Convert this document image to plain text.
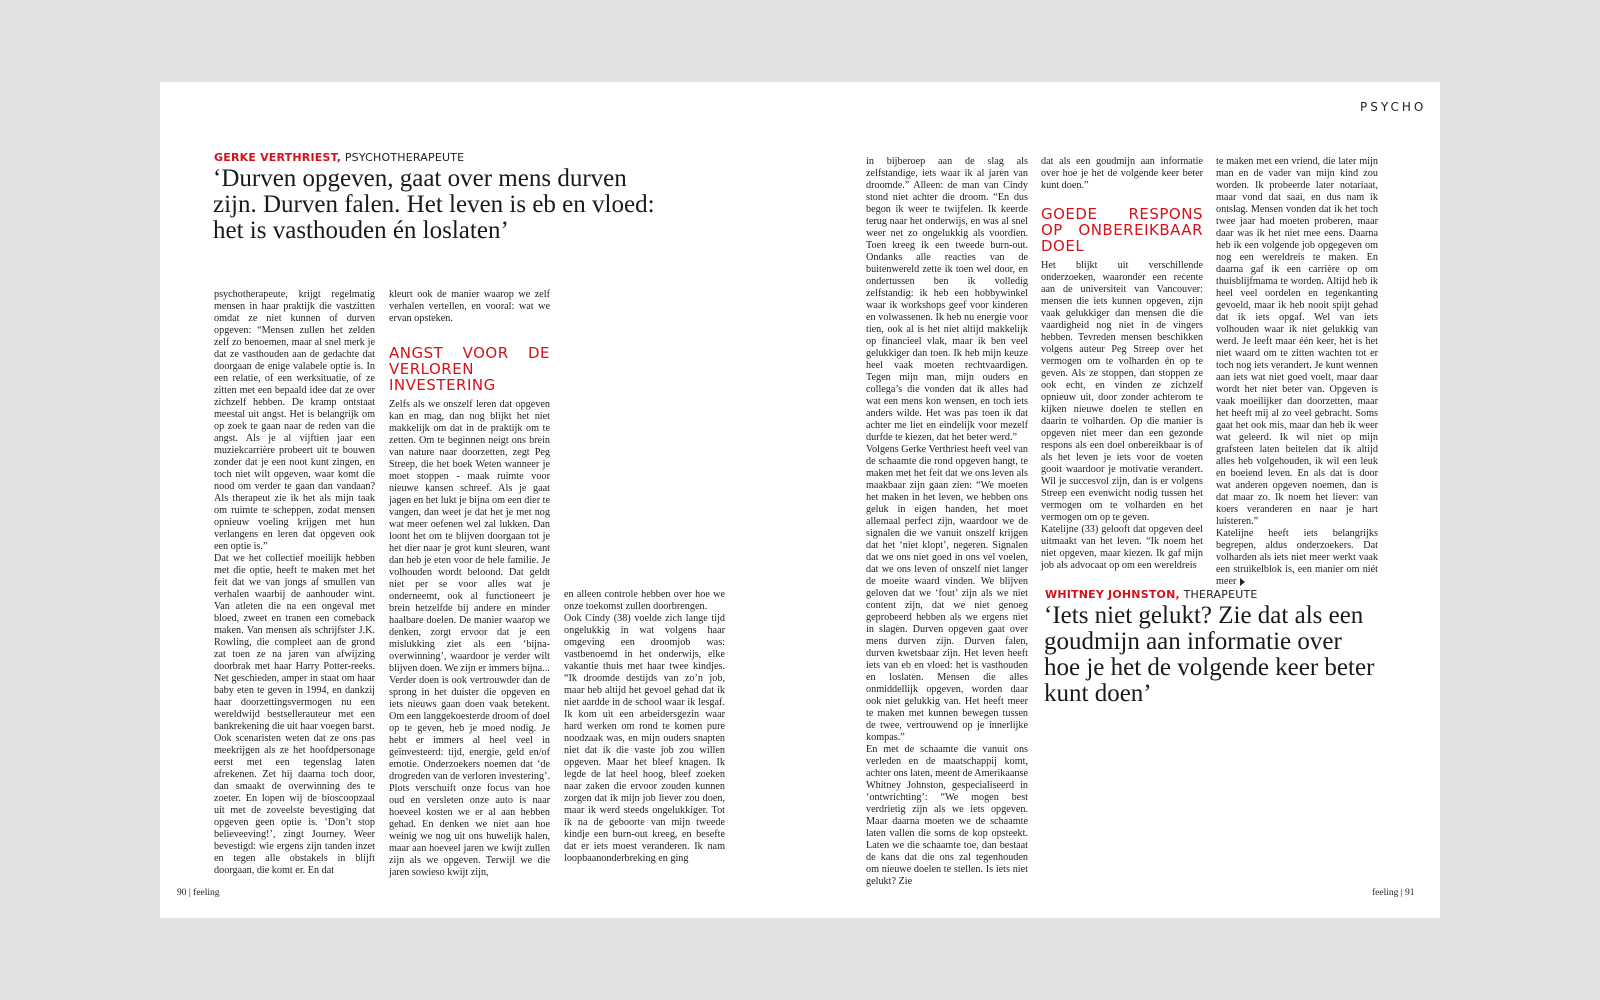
PSYCHO
GERKE VERTHRIEST, PSYCHOTHERAPEUTE
‘Durven opgeven, gaat over mens durven zijn. Durven falen. Het leven is eb en vloed: het is vasthouden én loslaten’

psychotherapeute, krijgt regelmatig mensen in haar praktijk die vastzitten omdat ze niet kunnen of durven opgeven: “Mensen zullen het zelden zelf zo benoemen, maar al snel merk je dat ze vasthouden aan de gedachte dat doorgaan de enige valabele optie is. In een relatie, of een werksituatie, of ze zitten met een bepaald idee dat ze over zichzelf hebben. De kramp ontstaat meestal uit angst. Het is belangrijk om op zoek te gaan naar de reden van die angst. Als je al vijftien jaar een muziekcarrière probeert uit te bouwen zonder dat je een noot kunt zingen, en toch niet wilt opgeven, waar komt die nood om verder te gaan dan vandaan? Als therapeut zie ik het als mijn taak om ruimte te scheppen, zodat mensen opnieuw voeling krijgen met hun verlangens en leren dat opgeven ook een optie is.”

Dat we het collectief moeilijk hebben met die optie, heeft te maken met het feit dat we van jongs af smullen van verhalen waarbij de aanhouder wint. Van atleten die na een ongeval met bloed, zweet en tranen een comeback maken. Van mensen als schrijfster J.K. Rowling, die compleet aan de grond zat toen ze na jaren van afwijzing doorbrak met haar Harry Potter-reeks. Net geschieden, amper in staat om haar baby eten te geven in 1994, en dankzij haar doorzettingsvermogen nu een wereldwijd bestsellerauteur met een bankrekening die uit haar voegen barst.

Ook scenaristen weten dat ze ons pas meekrijgen als ze het hoofdpersonage eerst met een tegenslag laten afrekenen. Zet hij daarna toch door, dan smaakt de overwinning des te zoeter. En lopen wij de bioscoopzaal uit met de zoveelste bevestiging dat opgeven geen optie is. ‘Don’t stop believeeving!’, zingt Journey. Weer bevestigd: wie ergens zijn tanden inzet en tegen alle obstakels in blijft doorgaan, die komt er. En dat

kleurt ook de manier waarop we zelf verhalen vertellen, en vooral: wat we ervan opsteken.

ANGST VOOR DE VERLOREN INVESTERING

Zelfs als we onszelf leren dat opgeven kan en mag, dan nog blijkt het niet makkelijk om dat in de praktijk om te zetten. Om te beginnen neigt ons brein van nature naar doorzetten, zegt Peg Streep, die het boek Weten wanneer je moet stoppen - maak ruimte voor nieuwe kansen schreef. Als je gaat jagen en het lukt je bijna om een dier te vangen, dan weet je dat het je met nog wat meer oefenen wel zal lukken. Dan loont het om te blijven doorgaan tot je het dier naar je grot kunt sleuren, want dan heb je eten voor de hele familie. Je volhouden wordt beloond. Dat geldt niet per se voor alles wat je onderneemt, ook al functioneert je brein hetzelfde bij andere en minder haalbare doelen. De manier waarop we denken, zorgt ervoor dat je een mislukking ziet als een ‘bijna-overwinning’, waardoor je verder wilt blijven doen. We zijn er immers bijna...

Verder doen is ook vertrouwder dan de sprong in het duister die opgeven en iets nieuws gaan doen vaak betekent. Om een langgekoesterde droom of doel op te geven, heb je moed nodig. Je hebt er immers al heel veel in geïnvesteerd: tijd, energie, geld en/of emotie. Onderzoekers noemen dat ‘de drogreden van de verloren investering’. Plots verschuift onze focus van hoe oud en versleten onze auto is naar hoeveel kosten we er al aan hebben gehad. En denken we niet aan hoe weinig we nog uit ons huwelijk halen, maar aan hoeveel jaren we kwijt zullen zijn als we opgeven. Terwijl we die jaren sowieso kwijt zijn,

en alleen controle hebben over hoe we onze toekomst zullen doorbrengen.

Ook Cindy (38) voelde zich lange tijd ongelukkig in wat volgens haar omgeving een droomjob was: vastbenoemd in het onderwijs, elke vakantie thuis met haar twee kindjes. “Ik droomde destijds van zo’n job, maar heb altijd het gevoel gehad dat ik niet aardde in de school waar ik lesgaf. Ik kom uit een arbeidersgezin waar hard werken om rond te komen pure noodzaak was, en mijn ouders snapten niet dat ik die vaste job zou willen opgeven. Maar het bleef knagen. Ik legde de lat heel hoog, bleef zoeken naar zaken die ervoor zouden kunnen zorgen dat ik mijn job liever zou doen, maar ik werd steeds ongelukkiger. Tot ik na de geboorte van mijn tweede kindje een burn-out kreeg, en besefte dat er iets moest veranderen. Ik nam loopbaanonderbreking en ging

90 | feeling

in bijberoep aan de slag als zelfstandige, iets waar ik al jaren van droomde.” Alleen: de man van Cindy stond niet achter die droom. “En dus begon ik weer te twijfelen. Ik keerde terug naar het onderwijs, en was al snel weer net zo ongelukkig als voordien. Toen kreeg ik een tweede burn-out. Ondanks alle reacties van de buitenwereld zette ik toen wel door, en ondertussen ben ik volledig zelfstandig: ik heb een hobbywinkel waar ik workshops geef voor kinderen en volwassenen. Ik heb nu energie voor tien, ook al is het niet altijd makkelijk op financieel vlak, maar ik ben veel gelukkiger dan toen. Ik heb mijn keuze heel vaak moeten rechtvaardigen. Tegen mijn man, mijn ouders en collega’s die vonden dat ik alles had wat een mens kon wensen, en toch iets anders wilde. Het was pas toen ik dat achter me liet en eindelijk voor mezelf durfde te kiezen, dat het beter werd.”

Volgens Gerke Verthriest heeft veel van de schaamte die rond opgeven hangt, te maken met het feit dat we ons leven als maakbaar zijn gaan zien: “We moeten het maken in het leven, we hebben ons geluk in eigen handen, het moet allemaal perfect zijn, waardoor we de signalen die we vanuit onszelf krijgen dat het ‘niet klopt’, negeren. Signalen dat we ons niet goed in ons vel voelen, dat we ons leven of onszelf niet langer de moeite waard vinden. We blijven geloven dat we ‘fout’ zijn als we niet content zijn, dat we niet genoeg geprobeerd hebben als we ergens niet in slagen. Durven opgeven gaat over mens durven zijn. Durven falen, durven kwetsbaar zijn. Het leven heeft iets van eb en vloed: het is vasthouden en loslaten. Mensen die alles onmiddellijk opgeven, worden daar ook niet gelukkig van. Het heeft meer te maken met kunnen bewegen tussen de twee, vertrouwend op je innerlijke kompas.”

En met de schaamte die vanuit ons verleden en de maatschappij komt, achter ons laten, meent de Amerikaanse Whitney Johnston, gespecialiseerd in ‘ontwrichting’: “We mogen best verdrietig zijn als we iets opgeven. Maar daarna moeten we de schaamte laten vallen die soms de kop opsteekt. Laten we die schaamte toe, dan bestaat de kans dat die ons zal tegenhouden om nieuwe doelen te stellen. Is iets niet gelukt? Zie

dat als een goudmijn aan informatie over hoe je het de volgende keer beter kunt doen.”

GOEDE RESPONS OP ONBEREIKBAAR DOEL

Het blijkt uit verschillende onderzoeken, waaronder een recente aan de universiteit van Vancouver: mensen die iets kunnen opgeven, zijn vaak gelukkiger dan mensen die die vaardigheid nog niet in de vingers hebben. Tevreden mensen beschikken volgens auteur Peg Streep over het vermogen om te volharden én op te geven. Als ze stoppen, dan stoppen ze ook echt, en vinden ze zichzelf opnieuw uit, door zonder achterom te kijken nieuwe doelen te stellen en daarin te volharden. Op die manier is opgeven niet meer dan een gezonde respons als een doel onbereikbaar is of als het leven je iets voor de voeten gooit waardoor je motivatie verandert. Wil je succesvol zijn, dan is er volgens Streep een evenwicht nodig tussen het vermogen om te volharden en het vermogen om op te geven.

Katelijne (33) gelooft dat opgeven deel uitmaakt van het leven. “Ik noem het niet opgeven, maar kiezen. Ik gaf mijn job als advocaat op om een wereldreis

te maken met een vriend, die later mijn man en de vader van mijn kind zou worden. Ik probeerde later notariaat, maar vond dat saai, en dus nam ik ontslag. Mensen vonden dat ik het toch twee jaar had moeten proberen, maar daar was ik het niet mee eens. Daarna heb ik een volgende job opgegeven om nog een wereldreis te maken. En daarna gaf ik een carrière op om thuisblijfmama te worden. Altijd heb ik heel veel oordelen en tegenkanting gevoeld, maar ik heb nooit spijt gehad dat ik iets opgaf. Wel van iets volhouden waar ik niet gelukkig van werd. Je leeft maar één keer, het is het niet waard om te zitten wachten tot er toch nog iets verandert. Je kunt wennen aan iets wat niet goed voelt, maar daar wordt het niet beter van. Opgeven is vaak moeilijker dan doorzetten, maar het heeft mij al zo veel gebracht. Soms gaat het ook mis, maar dan heb ik weer wat geleerd. Ik wil niet op mijn grafsteen laten beitelen dat ik altijd alles heb volgehouden, ik wil een leuk en boeiend leven. En als dat is door wat anderen opgeven noemen, dan is dat maar zo. Ik noem het liever: van koers veranderen en naar je hart luisteren.”

Katelijne heeft iets belangrijks begrepen, aldus onderzoekers. Dat volharden als iets niet meer werkt vaak een struikelblok is, een manier om niét meer

WHITNEY JOHNSTON, THERAPEUTE
‘Iets niet gelukt? Zie dat als een goudmijn aan informatie over hoe je het de volgende keer beter kunt doen’
feeling | 91
